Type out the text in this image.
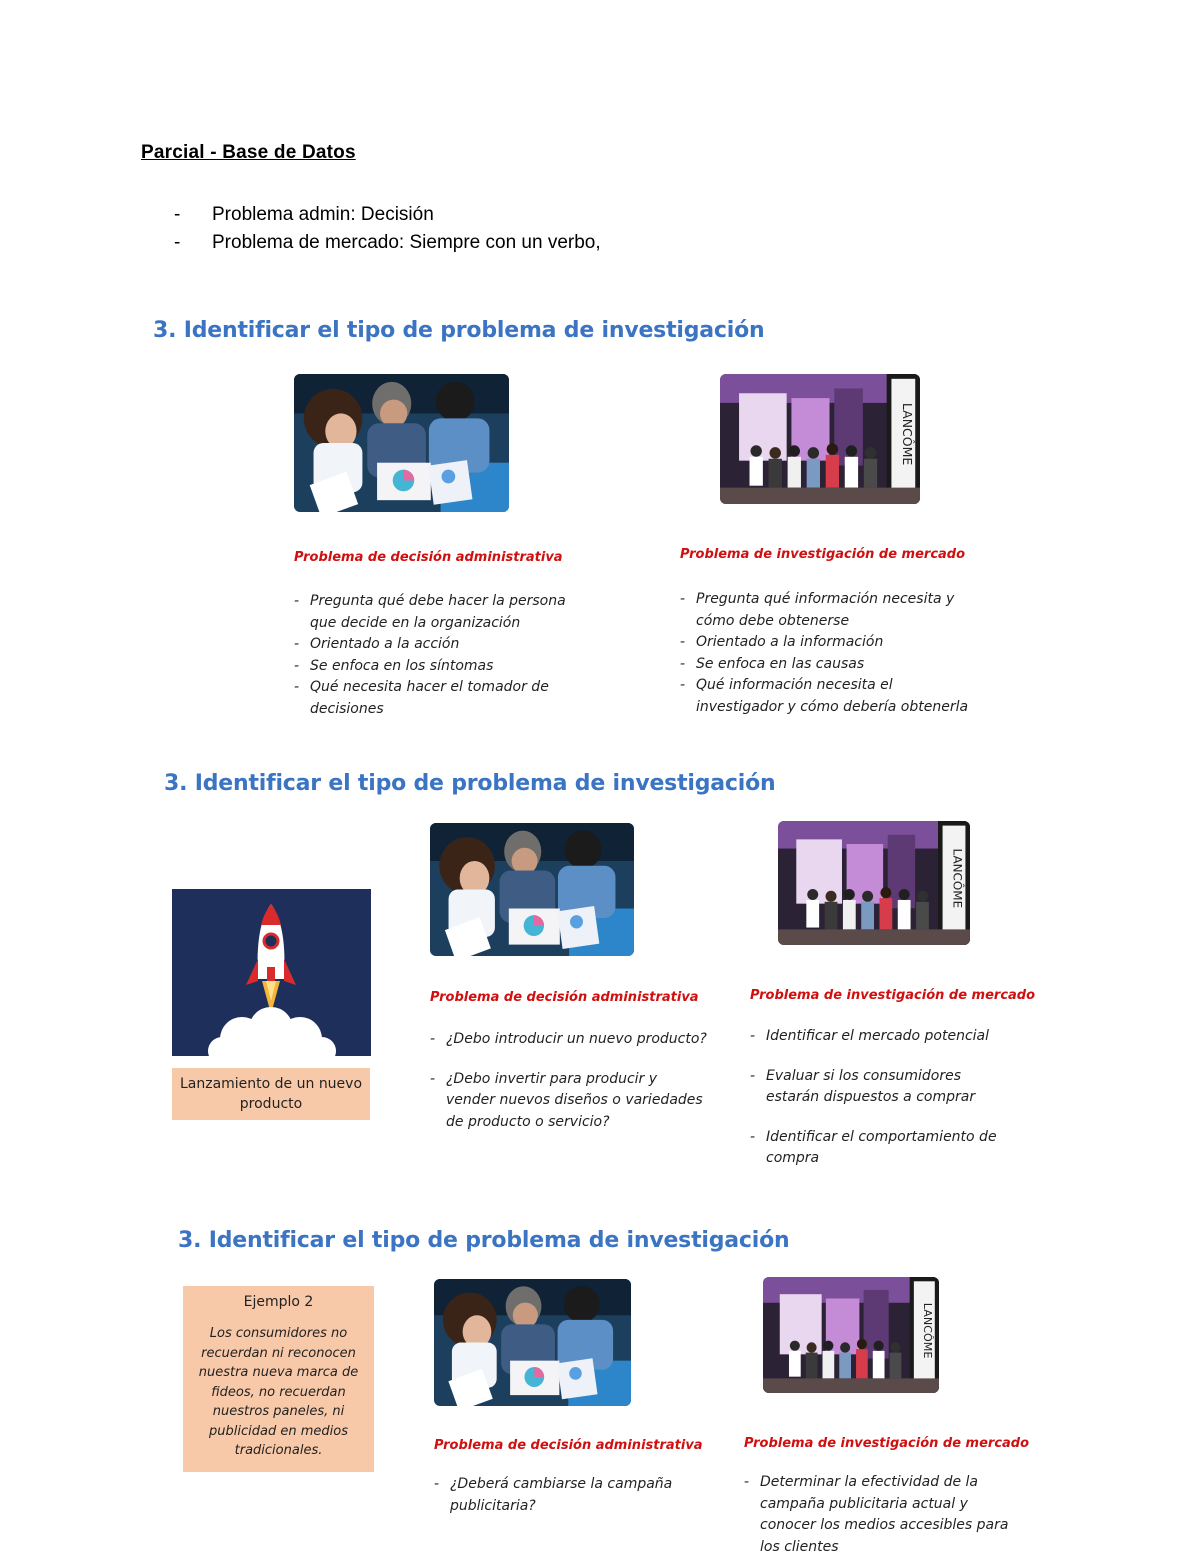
Parcial - Base de Datos
- Problema admin: Decisión
- Problema de mercado: Siempre con un verbo,
3. Identificar el tipo de problema de investigación
LANCÔME
Problema de decisión administrativa
- Pregunta qué debe hacer la persona que decide en la organización
- Orientado a la acción
- Se enfoca en los síntomas
- Qué necesita hacer el tomador de decisiones
Problema de investigación de mercado
- Pregunta qué información necesita y cómo debe obtenerse
- Orientado a la información
- Se enfoca en las causas
- Qué información necesita el investigador y cómo debería obtenerla
3. Identificar el tipo de problema de investigación
Lanzamiento de un nuevo producto
LANCÔME
Problema de decisión administrativa
- ¿Debo introducir un nuevo producto?
- ¿Debo invertir para producir y vender nuevos diseños o variedades de producto o servicio?
Problema de investigación de mercado
- Identificar el mercado potencial
- Evaluar si los consumidores estarán dispuestos a comprar
- Identificar el comportamiento de compra
3. Identificar el tipo de problema de investigación
Ejemplo 2
Los consumidores no recuerdan ni reconocen nuestra nueva marca de fideos, no recuerdan nuestros paneles, ni publicidad en medios tradicionales.
LANCÔME
Problema de decisión administrativa
- ¿Deberá cambiarse la campaña publicitaria?
Problema de investigación de mercado
- Determinar la efectividad de la campaña publicitaria actual y conocer los medios accesibles para los clientes
